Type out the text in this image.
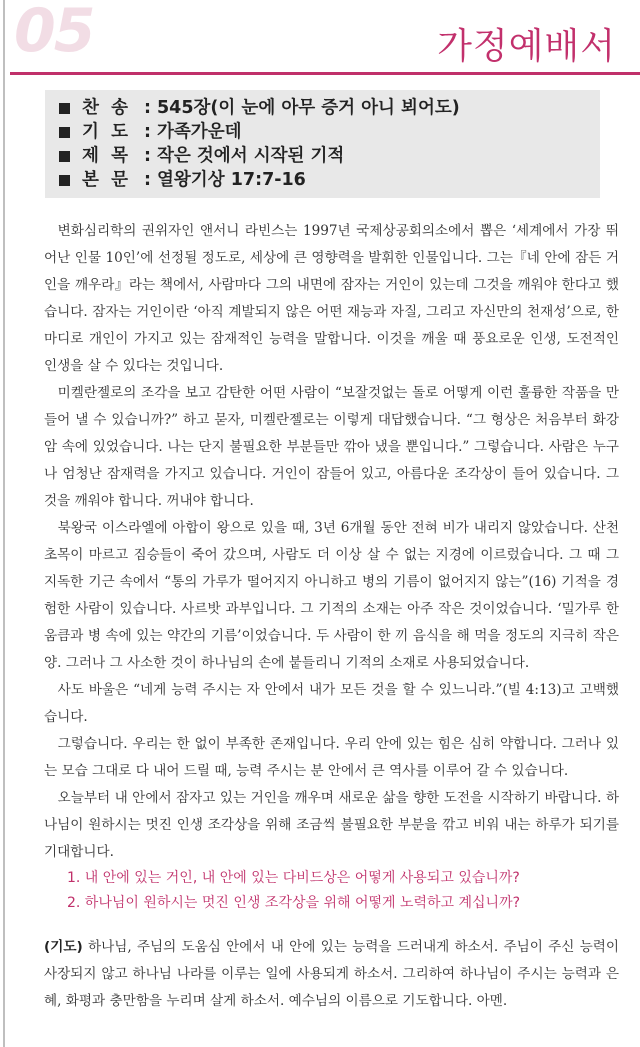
05	가정예배서
찬  송 : 545장(이 눈에 아무 증거 아니 뵈어도)
기  도 : 가족가운데
제  목 : 작은 것에서 시작된 기적
본  문 : 열왕기상 17:7-16

변화심리학의 권위자인 앤서니 라빈스는 1997년 국제상공회의소에서 뽑은 ‘세계에서 가장 뛰어난 인물 10인’에 선정될 정도로, 세상에 큰 영향력을 발휘한 인물입니다. 그는『네 안에 잠든 거인을 깨우라』라는 책에서, 사람마다 그의 내면에 잠자는 거인이 있는데 그것을 깨워야 한다고 했습니다. 잠자는 거인이란 ‘아직 계발되지 않은 어떤 재능과 자질, 그리고 자신만의 천재성’으로, 한마디로 개인이 가지고 있는 잠재적인 능력을 말합니다. 이것을 깨울 때 풍요로운 인생, 도전적인 인생을 살 수 있다는 것입니다.

미켈란젤로의 조각을 보고 감탄한 어떤 사람이 “보잘것없는 돌로 어떻게 이런 훌륭한 작품을 만들어 낼 수 있습니까?” 하고 묻자, 미켈란젤로는 이렇게 대답했습니다. “그 형상은 처음부터 화강암 속에 있었습니다. 나는 단지 불필요한 부분들만 깎아 냈을 뿐입니다.” 그렇습니다. 사람은 누구나 엄청난 잠재력을 가지고 있습니다. 거인이 잠들어 있고, 아름다운 조각상이 들어 있습니다. 그것을 깨워야 합니다. 꺼내야 합니다.

북왕국 이스라엘에 아합이 왕으로 있을 때, 3년 6개월 동안 전혀 비가 내리지 않았습니다. 산천초목이 마르고 짐승들이 죽어 갔으며, 사람도 더 이상 살 수 없는 지경에 이르렀습니다. 그 때 그 지독한 기근 속에서 “통의 가루가 떨어지지 아니하고 병의 기름이 없어지지 않는”(16) 기적을 경험한 사람이 있습니다. 사르밧 과부입니다. 그 기적의 소재는 아주 작은 것이었습니다. ‘밀가루 한 움큼과 병 속에 있는 약간의 기름’이었습니다. 두 사람이 한 끼 음식을 해 먹을 정도의 지극히 작은 양. 그러나 그 사소한 것이 하나님의 손에 붙들리니 기적의 소재로 사용되었습니다.

사도 바울은 “네게 능력 주시는 자 안에서 내가 모든 것을 할 수 있느니라.”(빌 4:13)고 고백했습니다.

그렇습니다. 우리는 한 없이 부족한 존재입니다. 우리 안에 있는 힘은 심히 약합니다. 그러나 있는 모습 그대로 다 내어 드릴 때, 능력 주시는 분 안에서 큰 역사를 이루어 갈 수 있습니다.

오늘부터 내 안에서 잠자고 있는 거인을 깨우며 새로운 삶을 향한 도전을 시작하기 바랍니다. 하나님이 원하시는 멋진 인생 조각상을 위해 조금씩 불필요한 부분을 깎고 비워 내는 하루가 되기를 기대합니다.

1. 내 안에 있는 거인, 내 안에 있는 다비드상은 어떻게 사용되고 있습니까?
2. 하나님이 원하시는 멋진 인생 조각상을 위해 어떻게 노력하고 계십니까?
(기도) 하나님, 주님의 도움심 안에서 내 안에 있는 능력을 드러내게 하소서. 주님이 주신 능력이 사장되지 않고 하나님 나라를 이루는 일에 사용되게 하소서. 그리하여 하나님이 주시는 능력과 은혜, 화평과 충만함을 누리며 살게 하소서. 예수님의 이름으로 기도합니다. 아멘.
